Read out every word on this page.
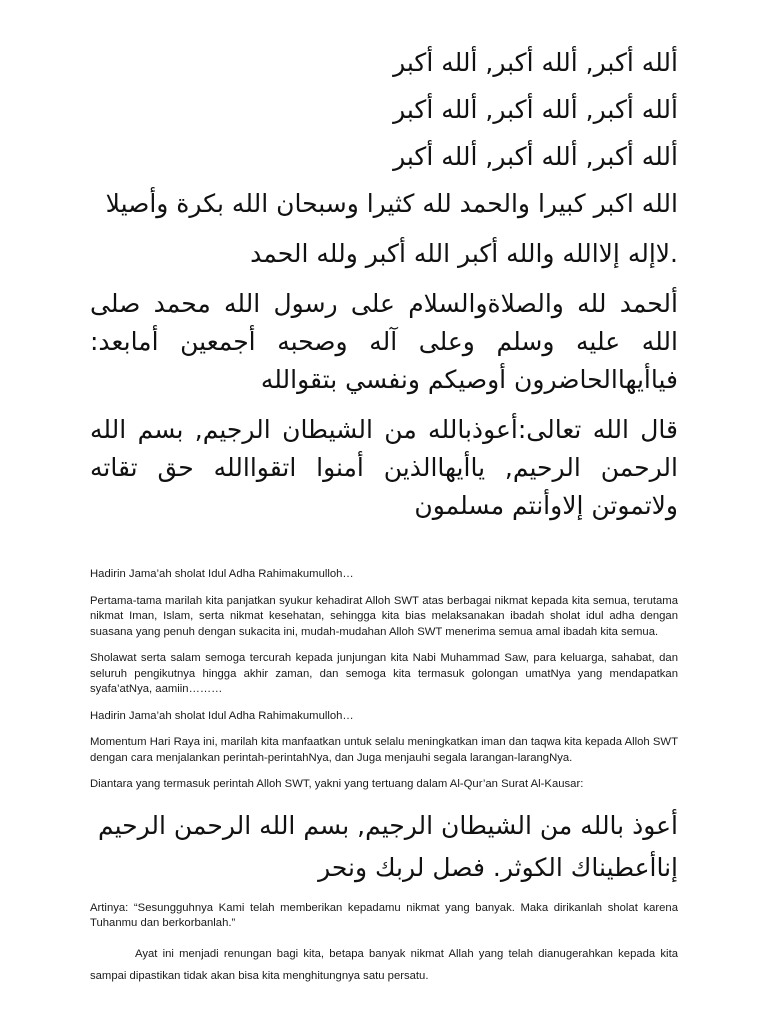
ألله أكبر, ألله أكبر, ألله أكبر

ألله أكبر, ألله أكبر, ألله أكبر

ألله أكبر, ألله أكبر, ألله أكبر

الله اكبر كبيرا والحمد لله كثيرا وسبحان الله بكرة وأصيلا

.لاإله إلاالله والله أكبر الله أكبر ولله الحمد

ألحمد لله والصلاةوالسلام على رسول الله محمد صلى الله عليه وسلم وعلى آله وصحبه أجمعين أمابعد: فياأيهاالحاضرون أوصيكم ونفسي بتقوالله

قال الله تعالى:أعوذبالله من الشيطان الرجيم, بسم الله الرحمن الرحيم, ياأيهاالذين أمنوا اتقواالله حق تقاته ولاتموتن إلاوأنتم مسلمون

Hadirin Jama’ah sholat Idul Adha Rahimakumulloh…

Pertama-tama marilah kita panjatkan syukur kehadirat Alloh SWT atas berbagai nikmat kepada kita semua, terutama nikmat Iman, Islam, serta nikmat kesehatan, sehingga kita bias melaksanakan ibadah sholat idul adha dengan suasana yang penuh dengan sukacita ini, mudah-mudahan Alloh SWT menerima semua amal ibadah kita semua.

Sholawat serta salam semoga tercurah kepada junjungan kita Nabi Muhammad Saw, para keluarga, sahabat, dan seluruh pengikutnya hingga akhir zaman, dan semoga kita termasuk golongan umatNya yang mendapatkan syafa’atNya, aamiin………

Hadirin Jama’ah sholat Idul Adha Rahimakumulloh…

Momentum Hari Raya ini, marilah kita manfaatkan untuk selalu meningkatkan iman dan taqwa kita kepada Alloh SWT dengan cara menjalankan perintah-perintahNya, dan Juga menjauhi segala larangan-larangNya.

Diantara yang termasuk perintah Alloh SWT, yakni yang tertuang dalam Al-Qur’an Surat Al-Kausar:

أعوذ بالله من الشيطان الرجيم, بسم الله الرحمن الرحيم

إناأعطيناك الكوثر. فصل لربك ونحر

Artinya: “Sesungguhnya Kami telah memberikan kepadamu nikmat yang banyak. Maka dirikanlah sholat karena Tuhanmu dan berkorbanlah.”

Ayat ini menjadi renungan bagi kita, betapa banyak nikmat Allah yang telah dianugerahkan kepada kita sampai dipastikan tidak akan bisa kita menghitungnya satu persatu.
